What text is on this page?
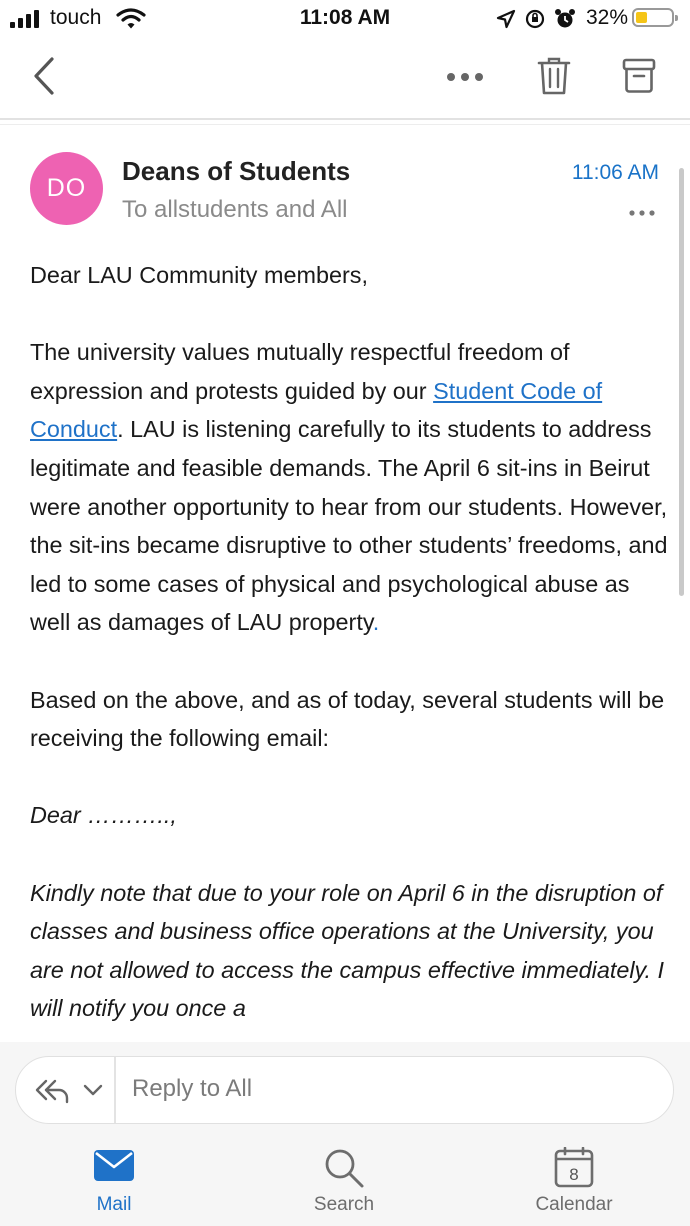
touch	11:08 AM	32%
DO
Deans of Students
To allstudents and All
11:06 AM

Dear LAU Community members,

The university values mutually respectful freedom of expression and protests guided by our Student Code of Conduct. LAU is listening carefully to its students to address legitimate and feasible demands. The April 6 sit-ins in Beirut were another opportunity to hear from our students. However, the sit-ins became disruptive to other students’ freedoms, and led to some cases of physical and psychological abuse as well as damages of LAU property.

Based on the above, and as of today, several students will be receiving the following email:

Dear ………..,

Kindly note that due to your role on April 6 in the disruption of classes and business office operations at the University, you are not allowed to access the campus effective immediately. I will notify you once a

Reply to All
Mail	Search
8
Calendar
